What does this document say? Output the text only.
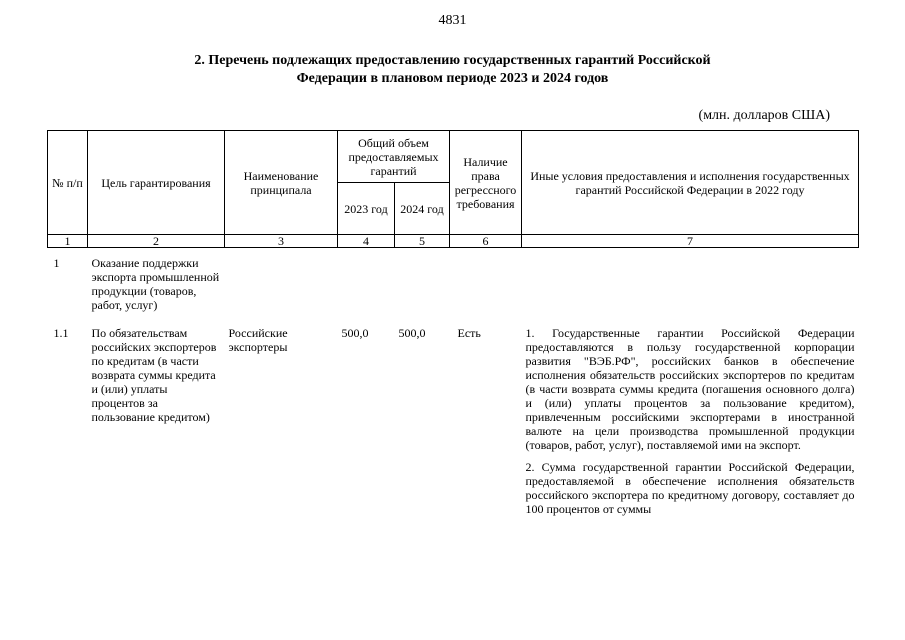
4831
2. Перечень подлежащих предоставлению государственных гарантий Российской
Федерации в плановом периоде 2023 и 2024 годов
(млн. долларов США)
№ п/п	Цель гарантирования	Наименование принципала	Общий объем предоставляемых гарантий		Наличие права регрессного требования	Иные условия предоставления и исполнения государственных гарантий Российской Федерации в 2022 году
			2023 год	2024 год		
1	2	3	4	5	6	7
1	Оказание поддержки экспорта промышленной продукции (товаров, работ, услуг)					
1.1	По обязательствам российских экспортеров по кредитам (в части возврата суммы кредита и (или) уплаты процентов за пользование кредитом)	Российские экспортеры	500,0	500,0	Есть	1. Государственные гарантии Российской Федерации предоставляются в пользу государственной корпорации развития "ВЭБ.РФ", российских банков в обеспечение исполнения обязательств российских экспортеров по кредитам (в части возврата суммы кредита (погашения основного долга) и (или) уплаты процентов за пользование кредитом), привлеченным российскими экспортерами в иностранной валюте на цели производства промышленной продукции (товаров, работ, услуг), поставляемой ими на экспорт.

2. Сумма государственной гарантии Российской Федерации, предоставляемой в обеспечение исполнения обязательств российского экспортера по кредитному договору, составляет до 100 процентов от суммы
